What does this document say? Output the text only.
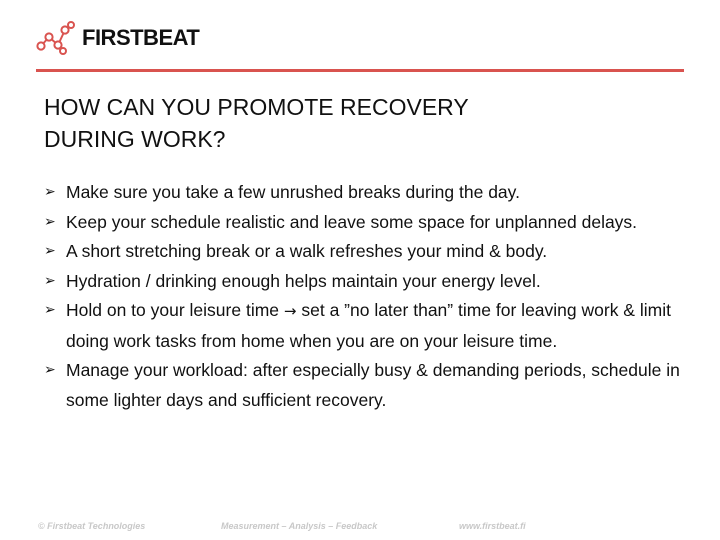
FIRSTBEAT
HOW CAN YOU PROMOTE RECOVERY
DURING WORK?
➢ Make sure you take a few unrushed breaks during the day.
➢ Keep your schedule realistic and leave some space for unplanned delays.
➢ A short stretching break or a walk refreshes your mind & body.
➢ Hydration / drinking enough helps maintain your energy level.
➢ Hold on to your leisure time → set a ”no later than” time for leaving work & limit doing work tasks from home when you are on your leisure time.
➢ Manage your workload: after especially busy & demanding periods, schedule in some lighter days and sufficient recovery.
© Firstbeat Technologies	Measurement – Analysis – Feedback	www.firstbeat.fi
